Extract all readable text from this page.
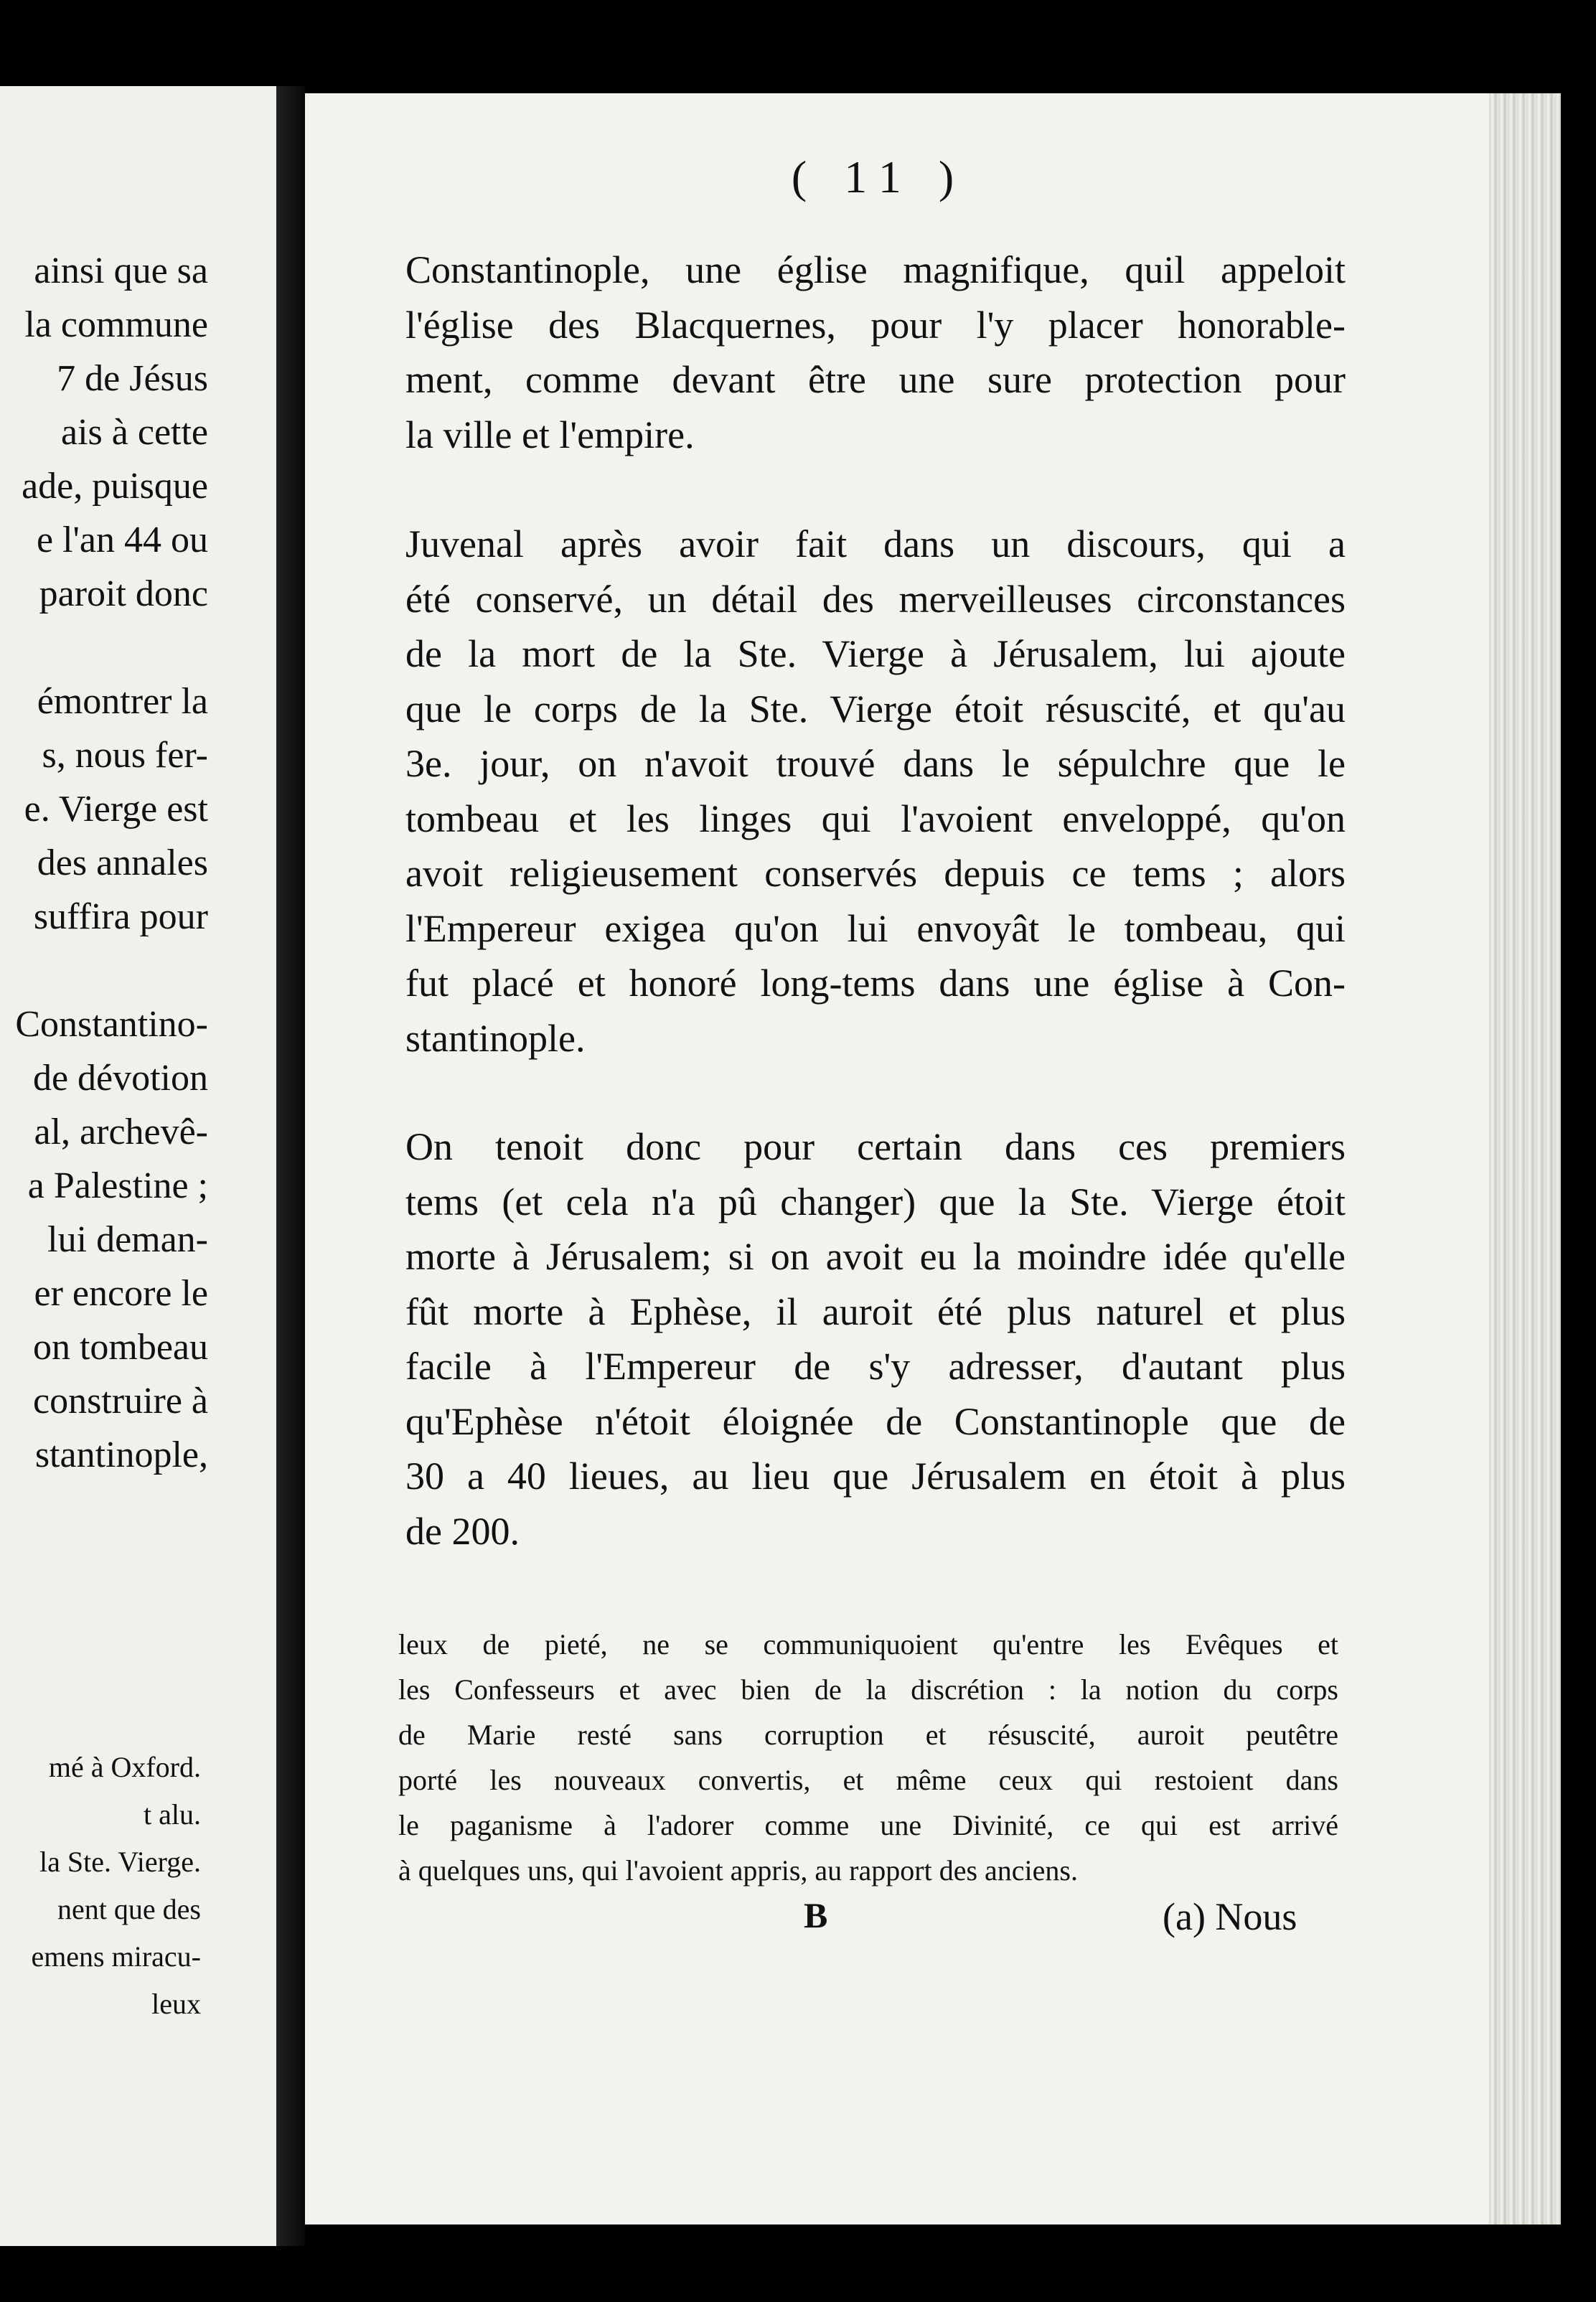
ainsi que sa
la commune
7 de Jésus
ais à cette
ade, puisque
e l'an 44 ou
paroit donc
émontrer la
s, nous fer-
e. Vierge est
des annales
suffira pour
Constantino-
de dévotion
al, archevê-
a Palestine ;
lui deman-
er encore le
on tombeau
construire à
stantinople,
mé à Oxford.
t alu.
la Ste. Vierge.
nent que des
emens miracu-
leux
( 11 )
Constantinople, une église magnifique, quil appeloit
l'église des Blacquernes, pour l'y placer honorable-
ment, comme devant être une sure protection pour
la ville et l'empire.
Juvenal après avoir fait dans un discours, qui a
été conservé, un détail des merveilleuses circonstances
de la mort de la Ste. Vierge à Jérusalem, lui ajoute
que le corps de la Ste. Vierge étoit résuscité, et qu'au
3e. jour, on n'avoit trouvé dans le sépulchre que le
tombeau et les linges qui l'avoient enveloppé, qu'on
avoit religieusement conservés depuis ce tems ; alors
l'Empereur exigea qu'on lui envoyât le tombeau, qui
fut placé et honoré long-tems dans une église à Con-
stantinople.
On tenoit donc pour certain dans ces premiers
tems (et cela n'a pû changer) que la Ste. Vierge étoit
morte à Jérusalem; si on avoit eu la moindre idée qu'elle
fût morte à Ephèse, il auroit été plus naturel et plus
facile à l'Empereur de s'y adresser, d'autant plus
qu'Ephèse n'étoit éloignée de Constantinople que de
30 a 40 lieues, au lieu que Jérusalem en étoit à plus
de 200.
leux de pieté, ne se communiquoient qu'entre les Evêques et
les Confesseurs et avec bien de la discrétion : la notion du corps
de Marie resté sans corruption et résuscité, auroit peutêtre
porté les nouveaux convertis, et même ceux qui restoient dans
le paganisme à l'adorer comme une Divinité, ce qui est arrivé
à quelques uns, qui l'avoient appris, au rapport des anciens.
B	(a) Nous
